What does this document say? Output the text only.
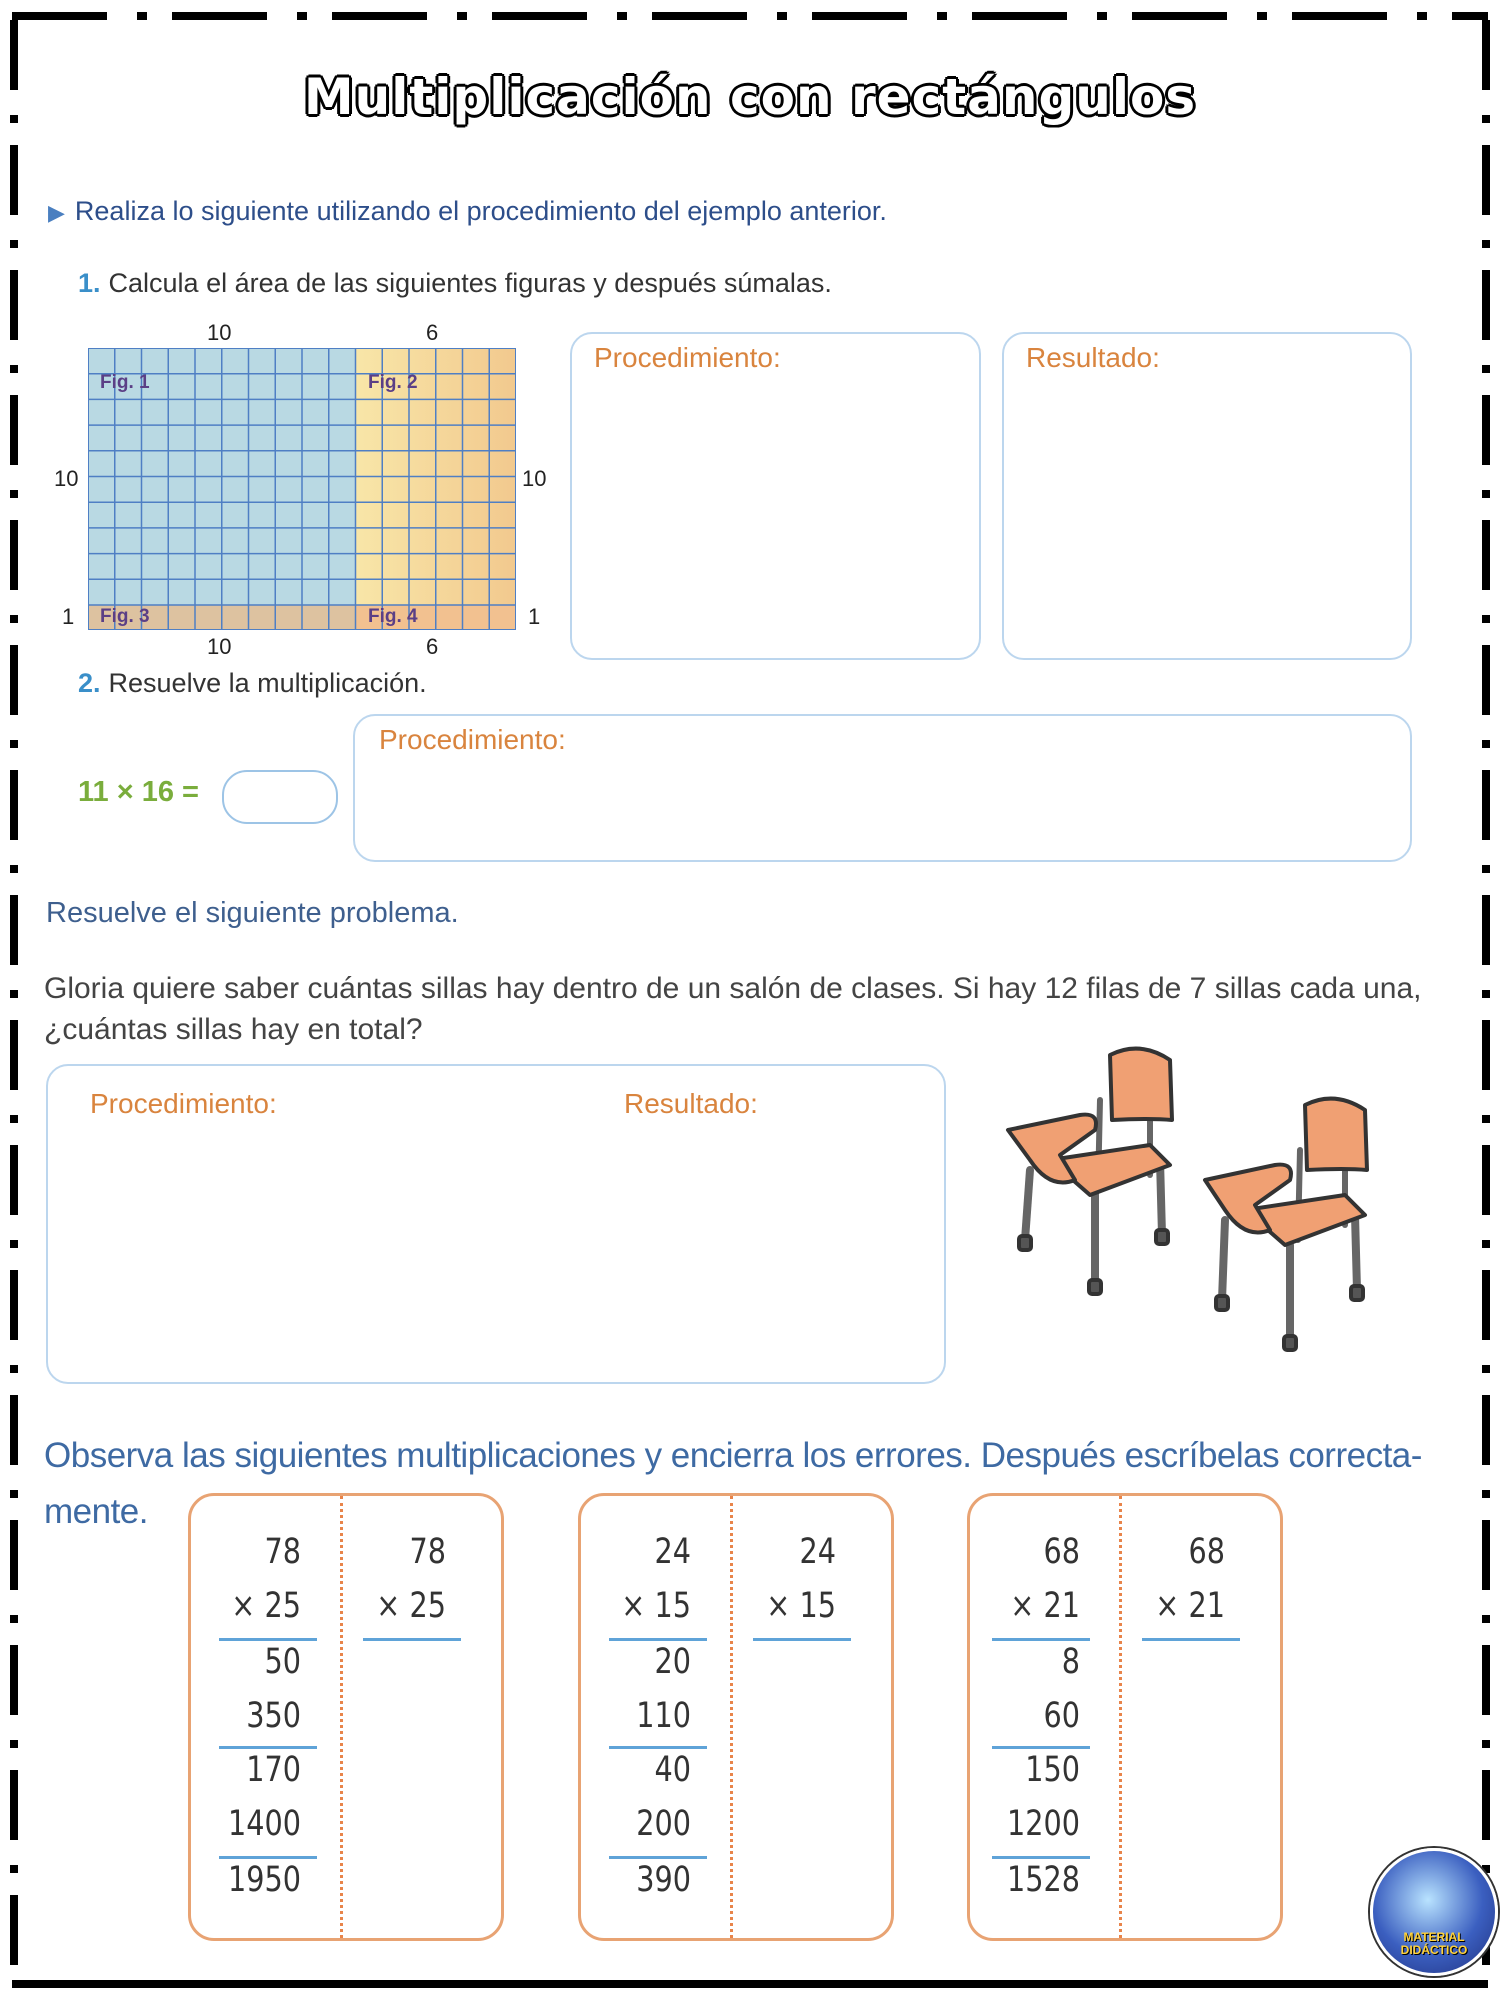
Multiplicación con rectángulos
▶ Realiza lo siguiente utilizando el procedimiento del ejemplo anterior.
1. Calcula el área de las siguientes figuras y después súmalas.
Fig. 1	Fig. 2
Fig. 3	Fig. 4
10	6
10	10
1	1
10	6
Procedimiento:	Resultado:
2. Resuelve la multiplicación.
11 × 16 =
Procedimiento:
Resuelve el siguiente problema.
Gloria quiere saber cuántas sillas hay dentro de un salón de clases. Si hay 12 filas de 7 sillas cada una, ¿cuántas sillas hay en total?
Procedimiento:	Resultado:
Observa las siguientes multiplicaciones y encierra los errores. Después escríbelas correcta-mente.
78
× 25
50
350
170
1400
1950
78
× 25
24
× 15
20
110
40
200
390
24
× 15
68
× 21
8
60
150
1200
1528
68
× 21
MATERIAL
DIDÁCTICO
